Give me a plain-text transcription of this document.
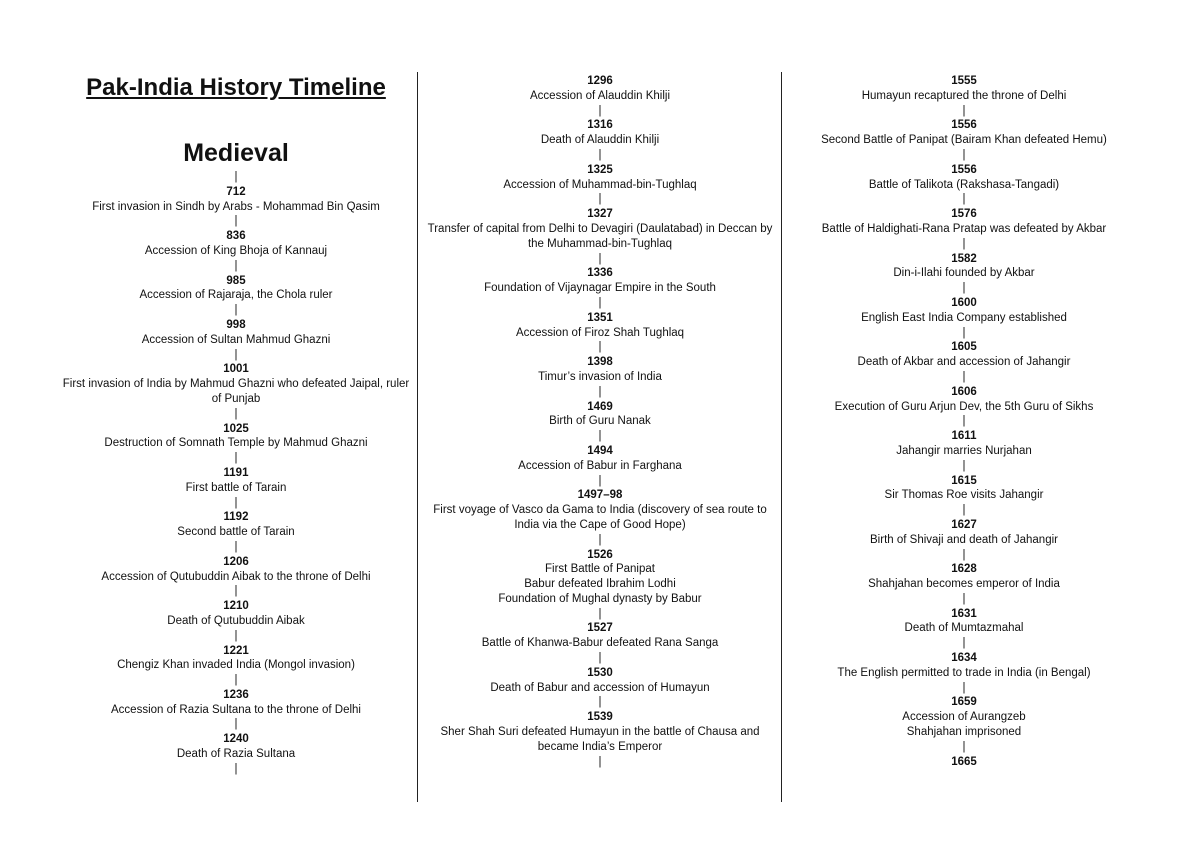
Pak-India History Timeline
Medieval
|
712
First invasion in Sindh by Arabs - Mohammad Bin Qasim
|
836
Accession of King Bhoja of Kannauj
|
985
Accession of Rajaraja, the Chola ruler
|
998
Accession of Sultan Mahmud Ghazni
|
1001
First invasion of India by Mahmud Ghazni who defeated Jaipal, ruler of Punjab
|
1025
Destruction of Somnath Temple by Mahmud Ghazni
|
1191
First battle of Tarain
|
1192
Second battle of Tarain
|
1206
Accession of Qutubuddin Aibak to the throne of Delhi
|
1210
Death of Qutubuddin Aibak
|
1221
Chengiz Khan invaded India (Mongol invasion)
|
1236
Accession of Razia Sultana to the throne of Delhi
|
1240
Death of Razia Sultana
|
1296
Accession of Alauddin Khilji
|
1316
Death of Alauddin Khilji
|
1325
Accession of Muhammad-bin-Tughlaq
|
1327
Transfer of capital from Delhi to Devagiri (Daulatabad) in Deccan by the Muhammad-bin-Tughlaq
|
1336
Foundation of Vijaynagar Empire in the South
|
1351
Accession of Firoz Shah Tughlaq
|
1398
Timur’s invasion of India
|
1469
Birth of Guru Nanak
|
1494
Accession of Babur in Farghana
|
1497–98
First voyage of Vasco da Gama to India (discovery of sea route to India via the Cape of Good Hope)
|
1526
First Battle of Panipat
Babur defeated Ibrahim Lodhi
Foundation of Mughal dynasty by Babur
|
1527
Battle of Khanwa-Babur defeated Rana Sanga
|
1530
Death of Babur and accession of Humayun
|
1539
Sher Shah Suri defeated Humayun in the battle of Chausa and became India’s Emperor
|
1555
Humayun recaptured the throne of Delhi
|
1556
Second Battle of Panipat (Bairam Khan defeated Hemu)
|
1556
Battle of Talikota (Rakshasa-Tangadi)
|
1576
Battle of Haldighati-Rana Pratap was defeated by Akbar
|
1582
Din-i-Ilahi founded by Akbar
|
1600
English East India Company established
|
1605
Death of Akbar and accession of Jahangir
|
1606
Execution of Guru Arjun Dev, the 5th Guru of Sikhs
|
1611
Jahangir marries Nurjahan
|
1615
Sir Thomas Roe visits Jahangir
|
1627
Birth of Shivaji and death of Jahangir
|
1628
Shahjahan becomes emperor of India
|
1631
Death of Mumtazmahal
|
1634
The English permitted to trade in India (in Bengal)
|
1659
Accession of Aurangzeb
Shahjahan imprisoned
|
1665
